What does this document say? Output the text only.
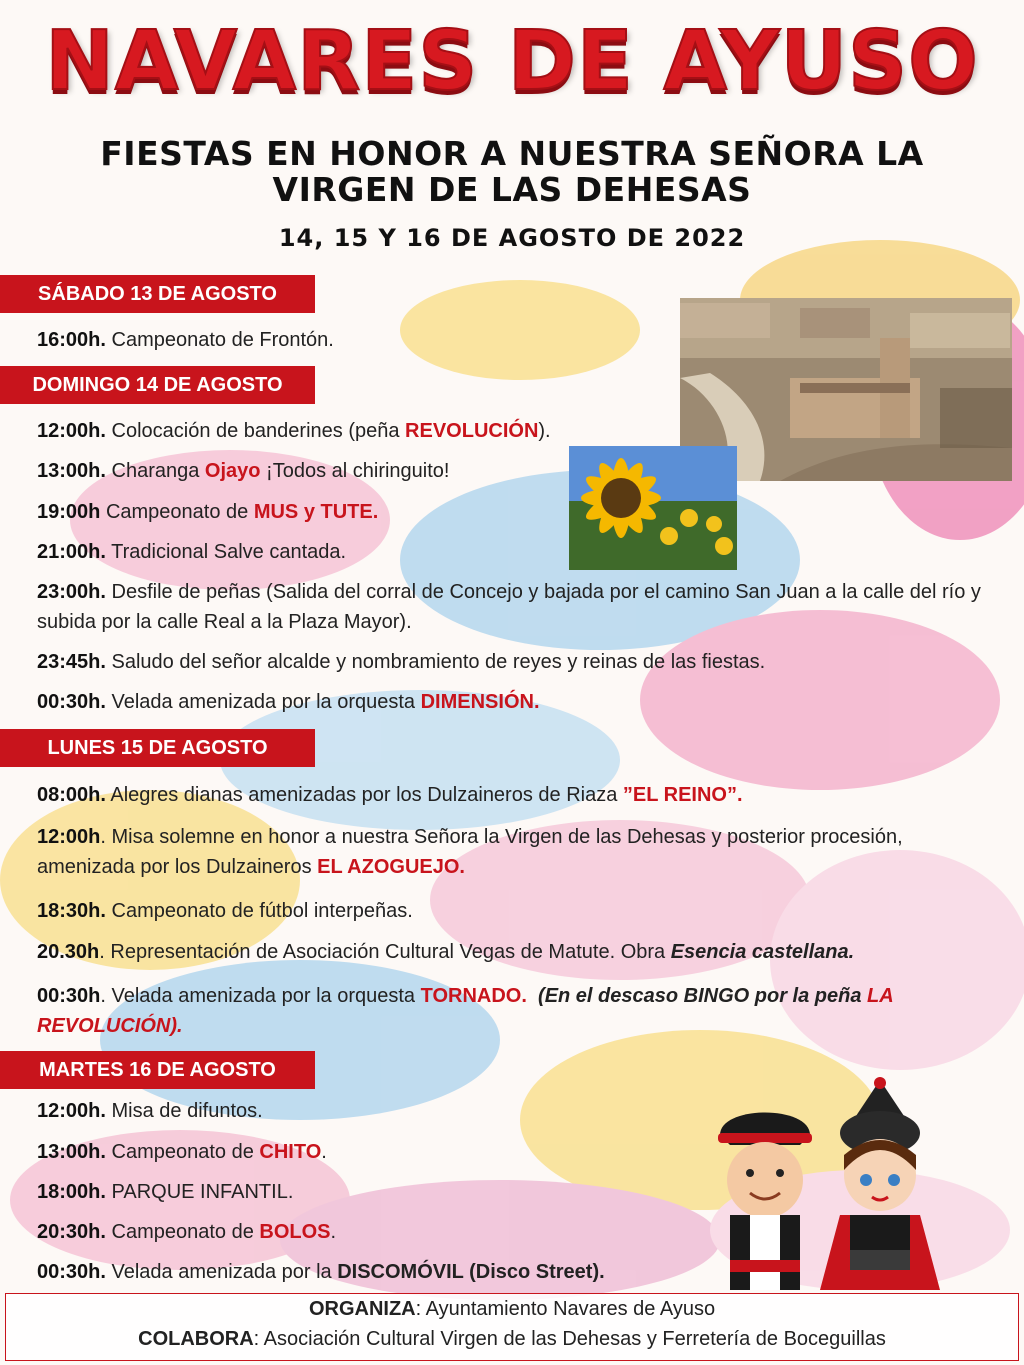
NAVARES DE AYUSO
FIESTAS EN HONOR A NUESTRA SEÑORA LA VIRGEN DE LAS DEHESAS
14, 15 Y 16 DE AGOSTO DE 2022
SÁBADO 13 DE AGOSTO
DOMINGO 14 DE AGOSTO
LUNES 15 DE AGOSTO
MARTES 16 DE AGOSTO
16:00h. Campeonato de Frontón.
12:00h. Colocación de banderines (peña REVOLUCIÓN).
13:00h. Charanga Ojayo ¡Todos al chiringuito!
19:00h Campeonato de MUS y TUTE.
21:00h. Tradicional Salve cantada.
23:00h. Desfile de peñas (Salida del corral de Concejo y bajada por el camino San Juan a la calle del río y subida por la calle Real a la Plaza Mayor).
23:45h. Saludo del señor alcalde y nombramiento de reyes y reinas de las fiestas.
00:30h. Velada amenizada por la orquesta DIMENSIÓN.
08:00h. Alegres dianas amenizadas por los Dulzaineros de Riaza ”EL REINO”.
12:00h. Misa solemne en honor a nuestra Señora la Virgen de las Dehesas y posterior procesión, amenizada por los Dulzaineros EL AZOGUEJO.
18:30h. Campeonato de fútbol interpeñas.
20.30h. Representación de Asociación Cultural Vegas de Matute. Obra Esencia castellana.
00:30h. Velada amenizada por la orquesta TORNADO. (En el descaso BINGO por la peña LA REVOLUCIÓN).
12:00h. Misa de difuntos.
13:00h. Campeonato de CHITO.
18:00h. PARQUE INFANTIL.
20:30h. Campeonato de BOLOS.
00:30h. Velada amenizada por la DISCOMÓVIL (Disco Street).
ORGANIZA: Ayuntamiento Navares de Ayuso
COLABORA: Asociación Cultural Virgen de las Dehesas y Ferretería de Boceguillas
